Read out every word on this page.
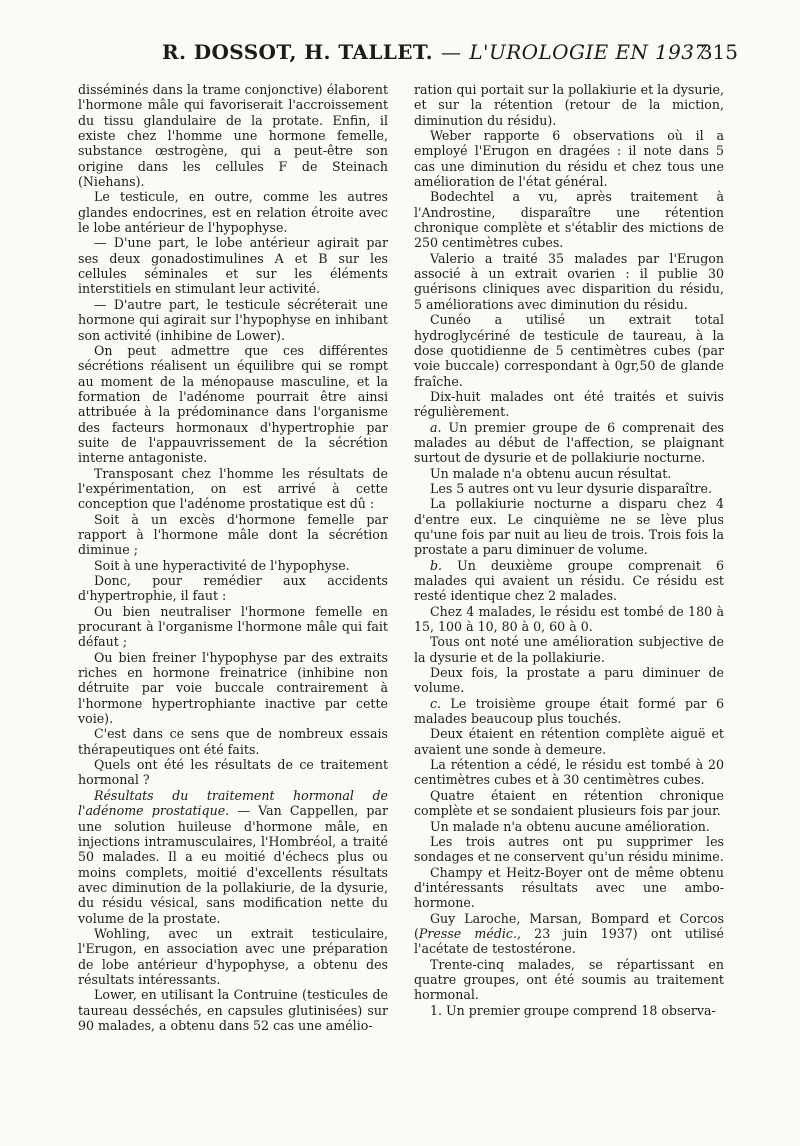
R. DOSSOT, H. TALLET. — L'UROLOGIE EN 1937
315

disséminés dans la trame conjonctive) élaborent l'hormone mâle qui favoriserait l'accroissement du tissu glandulaire de la protate. Enfin, il existe chez l'homme une hormone femelle, substance œstrogène, qui a peut-être son origine dans les cellules F de Steinach (Niehans).

Le testicule, en outre, comme les autres glandes endocrines, est en relation étroite avec le lobe antérieur de l'hypophyse.

— D'une part, le lobe antérieur agirait par ses deux gonadostimulines A et B sur les cellules séminales et sur les éléments interstitiels en stimulant leur activité.

— D'autre part, le testicule sécréterait une hormone qui agirait sur l'hypophyse en inhibant son activité (inhibine de Lower).

On peut admettre que ces différentes sécrétions réalisent un équilibre qui se rompt au moment de la ménopause masculine, et la formation de l'adénome pourrait être ainsi attribuée à la prédominance dans l'organisme des facteurs hormonaux d'hypertrophie par suite de l'appauvrissement de la sécrétion interne antagoniste.

Transposant chez l'homme les résultats de l'expérimentation, on est arrivé à cette conception que l'adénome prostatique est dû :

Soit à un excès d'hormone femelle par rapport à l'hormone mâle dont la sécrétion diminue ;

Soit à une hyperactivité de l'hypophyse.

Donc, pour remédier aux accidents d'hypertrophie, il faut :

Ou bien neutraliser l'hormone femelle en procurant à l'organisme l'hormone mâle qui fait défaut ;

Ou bien freiner l'hypophyse par des extraits riches en hormone freinatrice (inhibine non détruite par voie buccale contrairement à l'hormone hypertrophiante inactive par cette voie).

C'est dans ce sens que de nombreux essais thérapeutiques ont été faits.

Quels ont été les résultats de ce traitement hormonal ?

Résultats du traitement hormonal de l'adénome prostatique. — Van Cappellen, par une solution huileuse d'hormone mâle, en injections intramusculaires, l'Hombréol, a traité 50 malades. Il a eu moitié d'échecs plus ou moins complets, moitié d'excellents résultats avec diminution de la pollakiurie, de la dysurie, du résidu vésical, sans modification nette du volume de la prostate.

Wohling, avec un extrait testiculaire, l'Erugon, en association avec une préparation de lobe antérieur d'hypophyse, a obtenu des résultats intéressants.

Lower, en utilisant la Contruine (testicules de taureau desséchés, en capsules glutinisées) sur 90 malades, a obtenu dans 52 cas une amélio-

ration qui portait sur la pollakiurie et la dysurie, et sur la rétention (retour de la miction, diminution du résidu).

Weber rapporte 6 observations où il a employé l'Erugon en dragées : il note dans 5 cas une diminution du résidu et chez tous une amélioration de l'état général.

Bodechtel a vu, après traitement à l'Androstine, disparaître une rétention chronique complète et s'établir des mictions de 250 centimètres cubes.

Valerio a traité 35 malades par l'Erugon associé à un extrait ovarien : il publie 30 guérisons cliniques avec disparition du résidu, 5 améliorations avec diminution du résidu.

Cunéo a utilisé un extrait total hydroglycériné de testicule de taureau, à la dose quotidienne de 5 centimètres cubes (par voie buccale) correspondant à 0gr,50 de glande fraîche.

Dix-huit malades ont été traités et suivis régulièrement.

a. Un premier groupe de 6 comprenait des malades au début de l'affection, se plaignant surtout de dysurie et de pollakiurie nocturne.

Un malade n'a obtenu aucun résultat.

Les 5 autres ont vu leur dysurie disparaître.

La pollakiurie nocturne a disparu chez 4 d'entre eux. Le cinquième ne se lève plus qu'une fois par nuit au lieu de trois. Trois fois la prostate a paru diminuer de volume.

b. Un deuxième groupe comprenait 6 malades qui avaient un résidu. Ce résidu est resté identique chez 2 malades.

Chez 4 malades, le résidu est tombé de 180 à 15, 100 à 10, 80 à 0, 60 à 0.

Tous ont noté une amélioration subjective de la dysurie et de la pollakiurie.

Deux fois, la prostate a paru diminuer de volume.

c. Le troisième groupe était formé par 6 malades beaucoup plus touchés.

Deux étaient en rétention complète aiguë et avaient une sonde à demeure.

La rétention a cédé, le résidu est tombé à 20 centimètres cubes et à 30 centimètres cubes.

Quatre étaient en rétention chronique complète et se sondaient plusieurs fois par jour.

Un malade n'a obtenu aucune amélioration.

Les trois autres ont pu supprimer les sondages et ne conservent qu'un résidu minime.

Champy et Heitz-Boyer ont de même obtenu d'intéressants résultats avec une ambo-hormone.

Guy Laroche, Marsan, Bompard et Corcos (Presse médic., 23 juin 1937) ont utilisé l'acétate de testostérone.

Trente-cinq malades, se répartissant en quatre groupes, ont été soumis au traitement hormonal.

1. Un premier groupe comprend 18 observa-
